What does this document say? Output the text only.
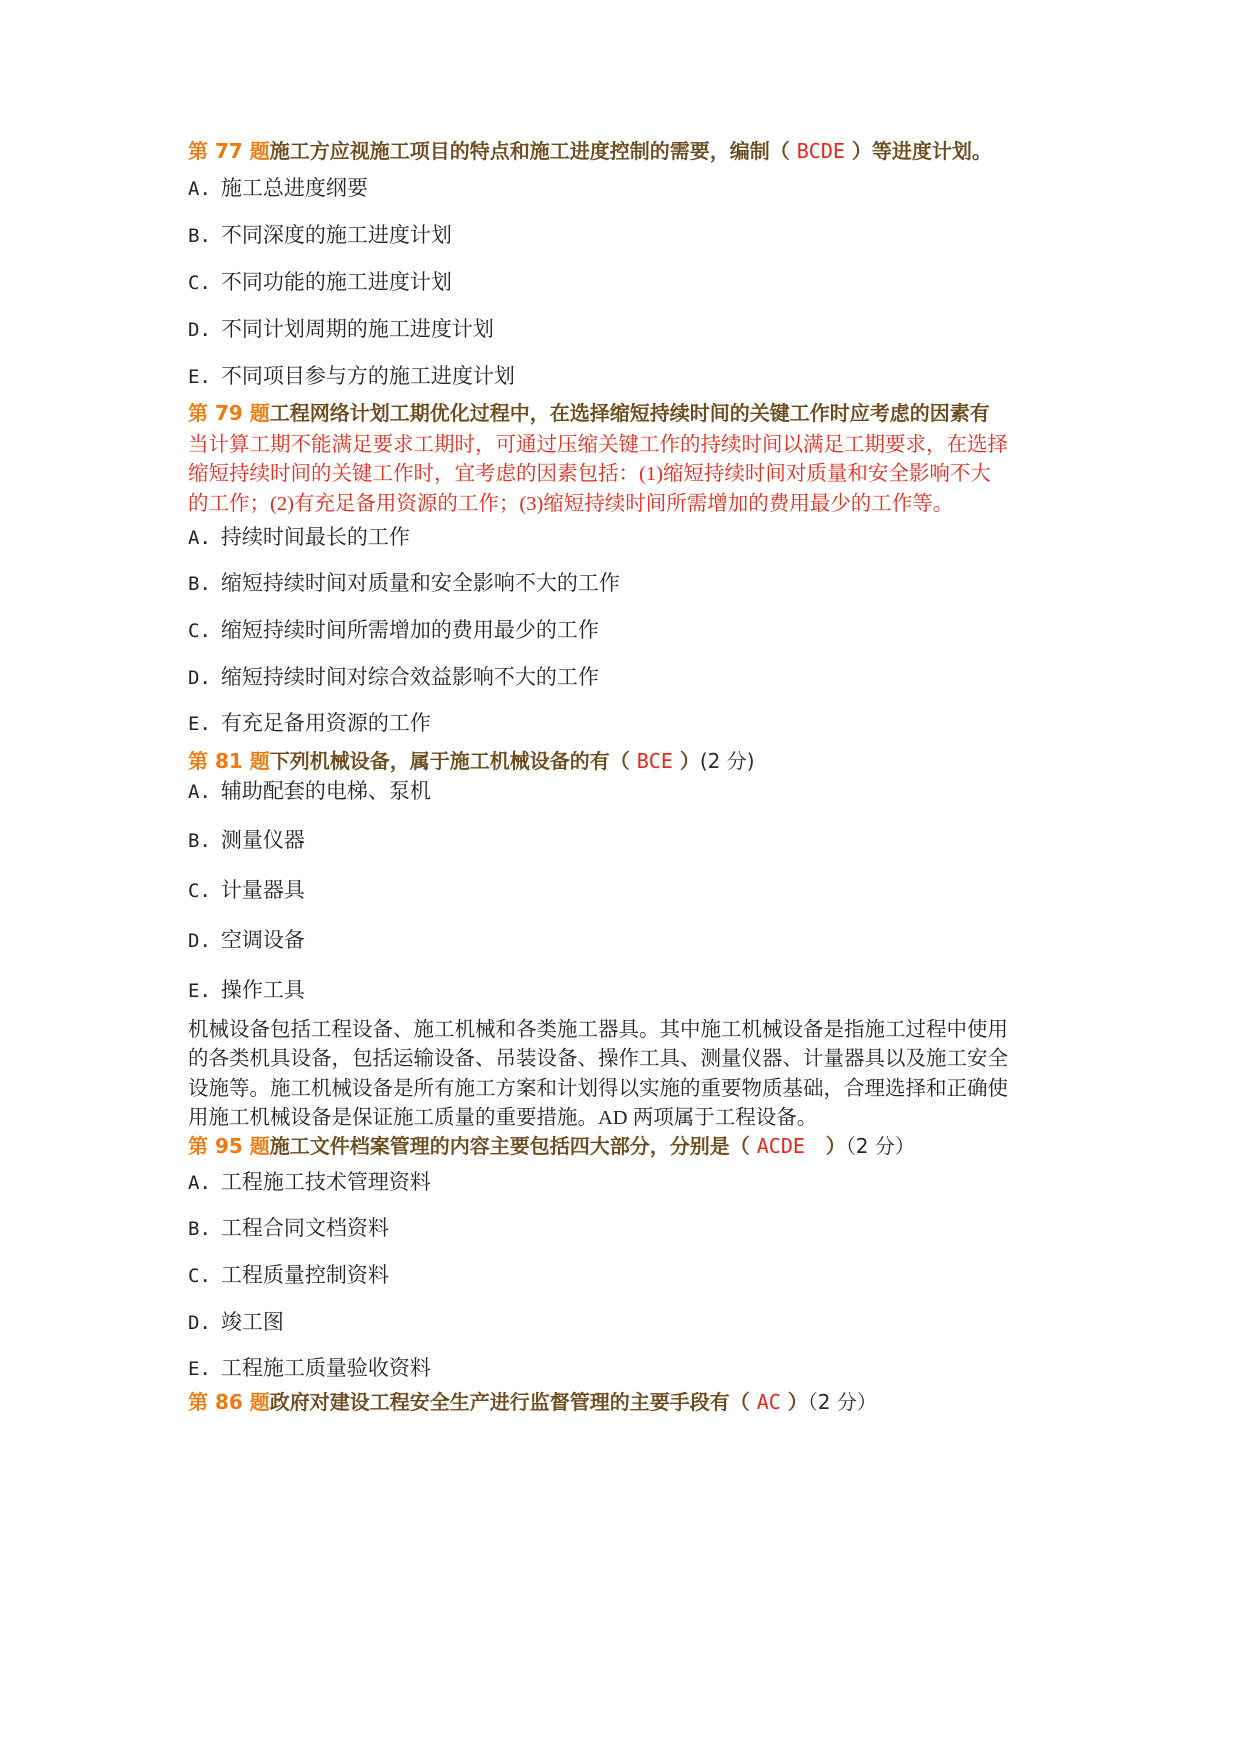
第 77 题施工方应视施工项目的特点和施工进度控制的需要，编制（ BCDE ）等进度计划。
A. 施工总进度纲要
B. 不同深度的施工进度计划
C. 不同功能的施工进度计划
D. 不同计划周期的施工进度计划
E. 不同项目参与方的施工进度计划
第 79 题工程网络计划工期优化过程中，在选择缩短持续时间的关键工作时应考虑的因素有
当计算工期不能满足要求工期时，可通过压缩关键工作的持续时间以满足工期要求，在选择
缩短持续时间的关键工作时，宜考虑的因素包括：(1)缩短持续时间对质量和安全影响不大
的工作；(2)有充足备用资源的工作；(3)缩短持续时间所需增加的费用最少的工作等。
A. 持续时间最长的工作
B. 缩短持续时间对质量和安全影响不大的工作
C. 缩短持续时间所需增加的费用最少的工作
D. 缩短持续时间对综合效益影响不大的工作
E. 有充足备用资源的工作
第 81 题下列机械设备，属于施工机械设备的有（ BCE ）(2 分)
A. 辅助配套的电梯、泵机
B. 测量仪器
C. 计量器具
D. 空调设备
E. 操作工具
机械设备包括工程设备、施工机械和各类施工器具。其中施工机械设备是指施工过程中使用
的各类机具设备，包括运输设备、吊装设备、操作工具、测量仪器、计量器具以及施工安全
设施等。施工机械设备是所有施工方案和计划得以实施的重要物质基础，合理选择和正确使
用施工机械设备是保证施工质量的重要措施。AD 两项属于工程设备。
第 95 题施工文件档案管理的内容主要包括四大部分，分别是（ ACDE   ）（2 分）
A. 工程施工技术管理资料
B. 工程合同文档资料
C. 工程质量控制资料
D. 竣工图
E. 工程施工质量验收资料
第 86 题政府对建设工程安全生产进行监督管理的主要手段有（ AC ）（2 分）
